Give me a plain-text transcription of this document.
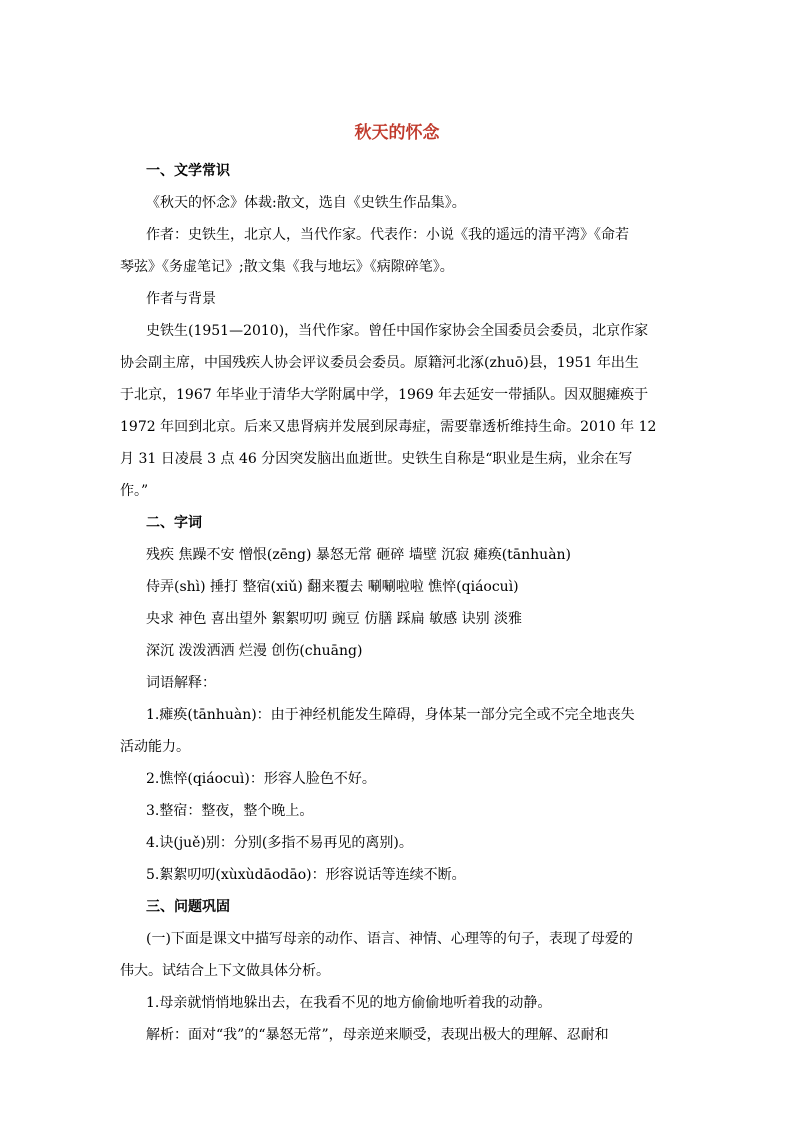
秋天的怀念

一、文学常识

《秋天的怀念》体裁:散文，选自《史铁生作品集》。

作者：史铁生，北京人，当代作家。代表作：小说《我的遥远的清平湾》《命若

琴弦》《务虚笔记》;散文集《我与地坛》《病隙碎笔》。

作者与背景

史铁生(1951—2010)，当代作家。曾任中国作家协会全国委员会委员，北京作家

协会副主席，中国残疾人协会评议委员会委员。原籍河北涿(zhuō)县，1951 年出生

于北京，1967 年毕业于清华大学附属中学，1969 年去延安一带插队。因双腿瘫痪于

1972 年回到北京。后来又患肾病并发展到尿毒症，需要靠透析维持生命。2010 年 12

月 31 日凌晨 3 点 46 分因突发脑出血逝世。史铁生自称是“职业是生病，业余在写

作。”

二、字词

残疾 焦躁不安 憎恨(zēng) 暴怒无常 砸碎 墙壁 沉寂 瘫痪(tānhuàn)

侍弄(shì) 捶打 整宿(xiǔ) 翻来覆去 唰唰啦啦 憔悴(qiáocuì)

央求 神色 喜出望外 絮絮叨叨 豌豆 仿膳 踩扁 敏感 诀别 淡雅

深沉 泼泼洒洒 烂漫 创伤(chuāng)

词语解释：

1.瘫痪(tānhuàn)：由于神经机能发生障碍，身体某一部分完全或不完全地丧失

活动能力。

2.憔悴(qiáocuì)：形容人脸色不好。

3.整宿：整夜，整个晚上。

4.诀(juě)别：分别(多指不易再见的离别)。

5.絮絮叨叨(xùxùdāodāo)：形容说话等连续不断。

三、问题巩固

(一)下面是课文中描写母亲的动作、语言、神情、心理等的句子，表现了母爱的

伟大。试结合上下文做具体分析。

1.母亲就悄悄地躲出去，在我看不见的地方偷偷地听着我的动静。

解析：面对“我”的“暴怒无常”，母亲逆来顺受，表现出极大的理解、忍耐和
